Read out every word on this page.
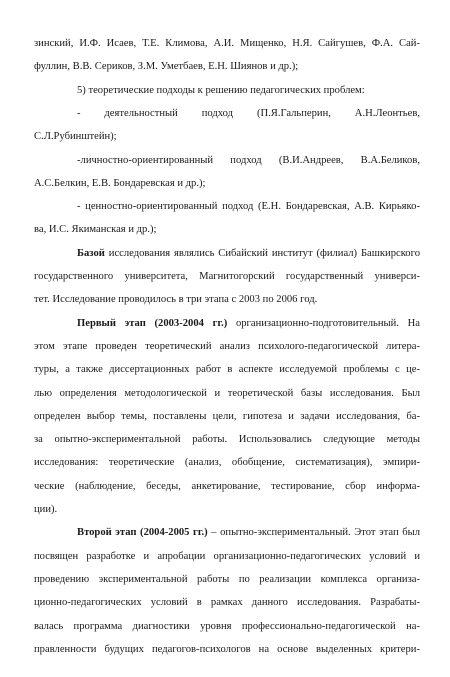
зинский, И.Ф. Исаев, Т.Е. Климова, А.И. Мищенко, Н.Я. Сайгушев, Ф.А. Сай-
фуллин, В.В. Сериков, З.М. Уметбаев, Е.Н. Шиянов и др.);
5) теоретические подходы к решению педагогических проблем:
- деятельностный подход (П.Я.Гальперин, А.Н.Леонтьев,
С.Л.Рубинштейн);
-личностно-ориентированный подход (В.И.Андреев, В.А.Беликов,
А.С.Белкин, Е.В. Бондаревская и др.);
- ценностно-ориентированный подход (Е.Н. Бондаревская, А.В. Кирьяко-
ва, И.С. Якиманская и др.);
Базой исследования являлись Сибайский институт (филиал) Башкирского
государственного университета, Магнитогорский государственный универси-
тет. Исследование проводилось в три этапа с 2003 по 2006 год.
Первый этап (2003-2004 гг.) организационно-подготовительный. На
этом этапе проведен теоретический анализ психолого-педагогической литера-
туры, а также диссертационных работ в аспекте исследуемой проблемы с це-
лью определения методологической и теоретической базы исследования. Был
определен выбор темы, поставлены цели, гипотеза и задачи исследования, ба-
за опытно-экспериментальной работы. Использовались следующие методы
исследования: теоретические (анализ, обобщение, систематизация), эмпири-
ческие (наблюдение, беседы, анкетирование, тестирование, сбор информа-
ции).
Второй этап (2004-2005 гг.) – опытно-экспериментальный. Этот этап был
посвящен разработке и апробации организационно-педагогических условий и
проведению экспериментальной работы по реализации комплекса организа-
ционно-педагогических условий в рамках данного исследования. Разрабаты-
валась программа диагностики уровня профессионально-педагогической на-
правленности будущих педагогов-психологов на основе выделенных критери-
